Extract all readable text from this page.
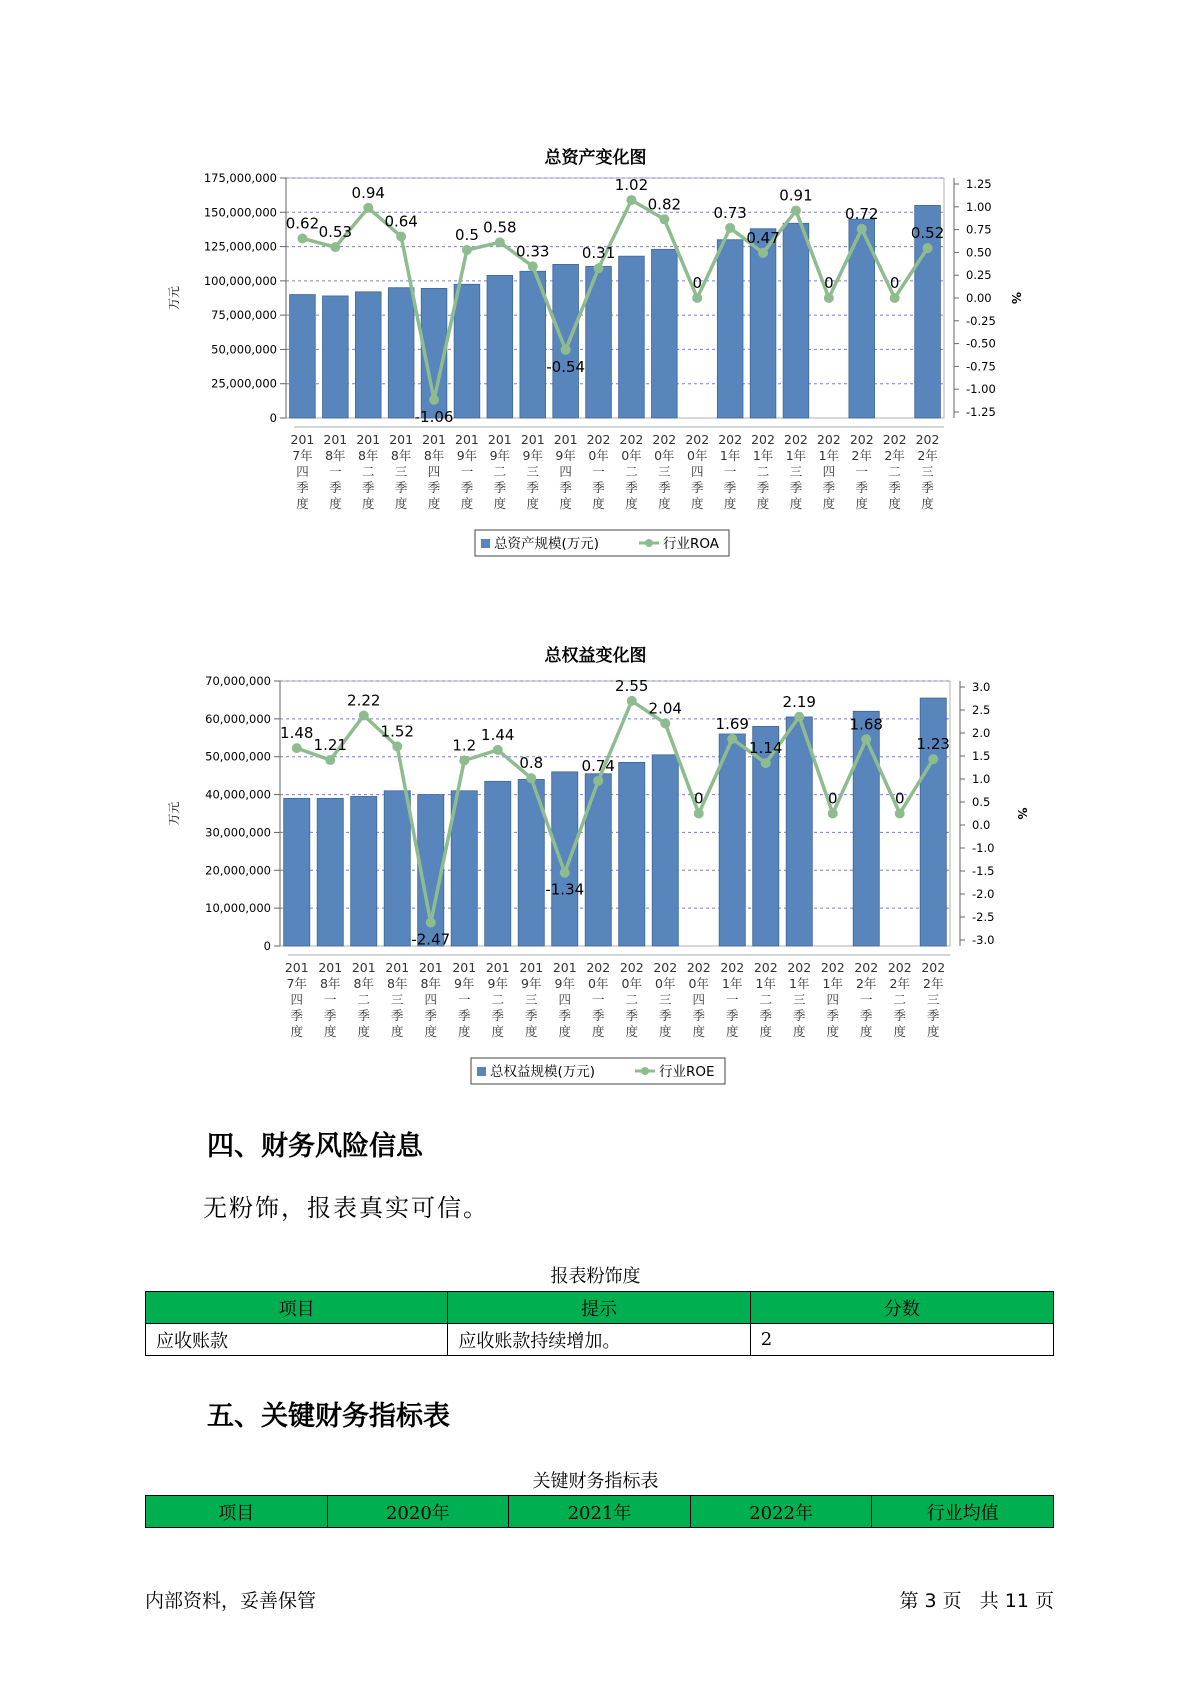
总资产变化图
0
25,000,000
50,000,000
75,000,000
100,000,000
125,000,000
150,000,000
175,000,000
万元
1.25
1.00
0.75
0.50
0.25
0.00
-0.25
-0.50
-0.75
-1.00
-1.25
%
201
7年
四
季
度
201
8年
一
季
度
201
8年
二
季
度
201
8年
三
季
度
201
8年
四
季
度
201
9年
一
季
度
201
9年
二
季
度
201
9年
三
季
度
201
9年
四
季
度
202
0年
一
季
度
202
0年
二
季
度
202
0年
三
季
度
202
0年
四
季
度
202
1年
一
季
度
202
1年
二
季
度
202
1年
三
季
度
202
1年
四
季
度
202
2年
一
季
度
202
2年
二
季
度
202
2年
三
季
度
0.62 0.53
0.94
0.64
-1.06
0.5 0.58
0.33
-0.54
0.31
1.02
0.82
0
0.73
0.47
0.91
0
0.72
0
0.52
总资产规模(万元)	行业ROA
总权益变化图
0
10,000,000
20,000,000
30,000,000
40,000,000
50,000,000
60,000,000
70,000,000
万元
3.0
2.5
2.0
1.5
1.0
0.5
0.0
-1.0
-1.5
-2.0
-2.5
-3.0
%
201
7年
四
季
度
201
8年
一
季
度
201
8年
二
季
度
201
8年
三
季
度
201
8年
四
季
度
201
9年
一
季
度
201
9年
二
季
度
201
9年
三
季
度
201
9年
四
季
度
202
0年
一
季
度
202
0年
二
季
度
202
0年
三
季
度
202
0年
四
季
度
202
1年
一
季
度
202
1年
二
季
度
202
1年
三
季
度
202
1年
四
季
度
202
2年
一
季
度
202
2年
二
季
度
202
2年
三
季
度
1.48
1.21
2.22
1.52
-2.47
1.2
1.44
0.8
-1.34
0.74
2.55
2.04
0
1.69
1.14
2.19
0
1.68
0
1.23
总权益规模(万元)	行业ROE
四、财务风险信息
无粉饰，报表真实可信。
报表粉饰度
项目	提示	分数
应收账款	应收账款持续增加。	2
五、关键财务指标表
关键财务指标表
项目	2020年	2021年	2022年	行业均值
内部资料，妥善保管	第 3 页   共 11 页
